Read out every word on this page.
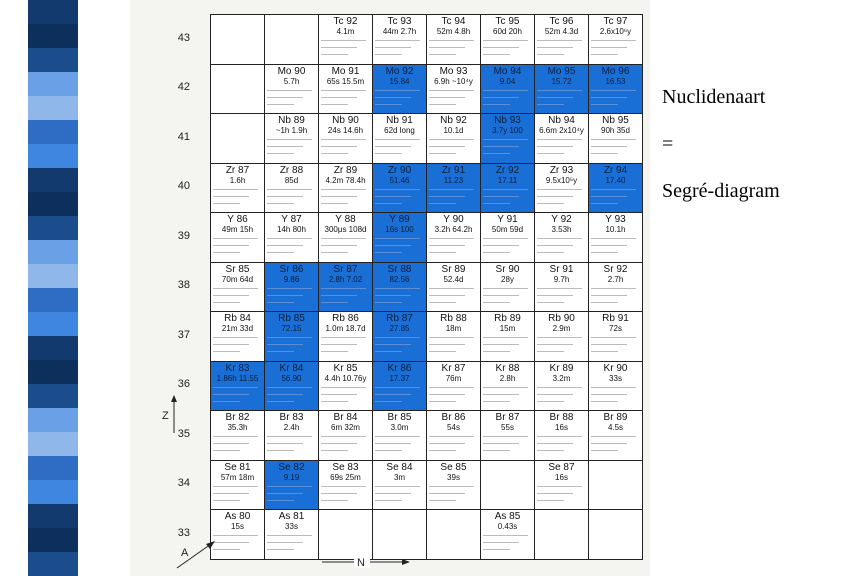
43
42
41
40
39
38
37
36
35
34
33
Tc 92
4.1m
Tc 93
44m 2.7h
Tc 94
52m 4.8h
Tc 95
60d 20h
Tc 96
52m 4.3d
Tc 97
2.6x10⁶y
Mo 90
5.7h
Mo 91
65s 15.5m
Mo 92
15.84
Mo 93
6.9h ~10⁴y
Mo 94
9.04
Mo 95
15.72
Mo 96
16.53
Nb 89
~1h 1.9h
Nb 90
24s 14.6h
Nb 91
62d long
Nb 92
10.1d
Nb 93
3.7y 100
Nb 94
6.6m 2x10⁴y
Nb 95
90h 35d
Zr 87
1.6h
Zr 88
85d
Zr 89
4.2m 78.4h
Zr 90
51.46
Zr 91
11.23
Zr 92
17.11
Zr 93
9.5x10⁵y
Zr 94
17.40
Y 86
49m 15h
Y 87
14h 80h
Y 88
300μs 108d
Y 89
16s 100
Y 90
3.2h 64.2h
Y 91
50m 59d
Y 92
3.53h
Y 93
10.1h
Sr 85
70m 64d
Sr 86
9.86
Sr 87
2.8h 7.02
Sr 88
82.56
Sr 89
52.4d
Sr 90
28y
Sr 91
9.7h
Sr 92
2.7h
Rb 84
21m 33d
Rb 85
72.15
Rb 86
1.0m 18.7d
Rb 87
27.85
Rb 88
18m
Rb 89
15m
Rb 90
2.9m
Rb 91
72s
Kr 83
1.86h 11.55
Kr 84
56.90
Kr 85
4.4h 10.76y
Kr 86
17.37
Kr 87
76m
Kr 88
2.8h
Kr 89
3.2m
Kr 90
33s
Br 82
35.3h
Br 83
2.4h
Br 84
6m 32m
Br 85
3.0m
Br 86
54s
Br 87
55s
Br 88
16s
Br 89
4.5s
Se 81
57m 18m
Se 82
9.19
Se 83
69s 25m
Se 84
3m
Se 85
39s
Se 87
16s
As 80
15s
As 81
33s
As 85
0.43s
Nuclidenaart
=
Segré-diagram
Z
N
A
